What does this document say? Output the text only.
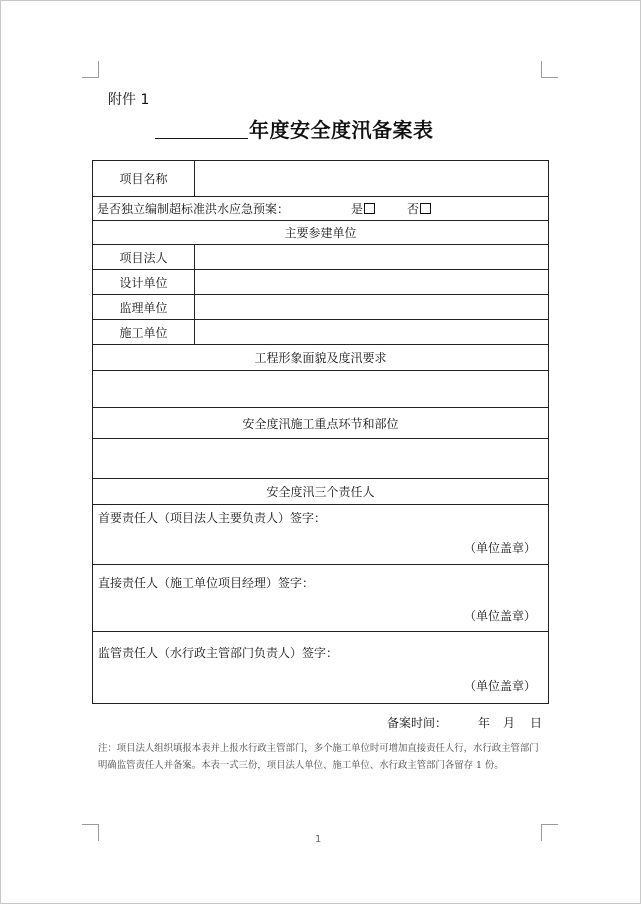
附件 1
年度安全度汛备案表
项目名称	
是否独立编制超标准洪水应急预案： 是 否	
主要参建单位	
项目法人	
设计单位	
监理单位	
施工单位	
工程形象面貌及度汛要求	

安全度汛施工重点环节和部位	

安全度汛三个责任人	

首要责任人（项目法人主要负责人）签字：
（单位盖章）	

直接责任人（施工单位项目经理）签字：
（单位盖章）	

监管责任人（水行政主管部门负责人）签字：
（单位盖章）	
备案时间：	年 月 日
注：项目法人组织填报本表并上报水行政主管部门，多个施工单位时可增加直接责任人行，水行政主管部门明确监管责任人并备案。本表一式三份，项目法人单位、施工单位、水行政主管部门各留存 1 份。
1
